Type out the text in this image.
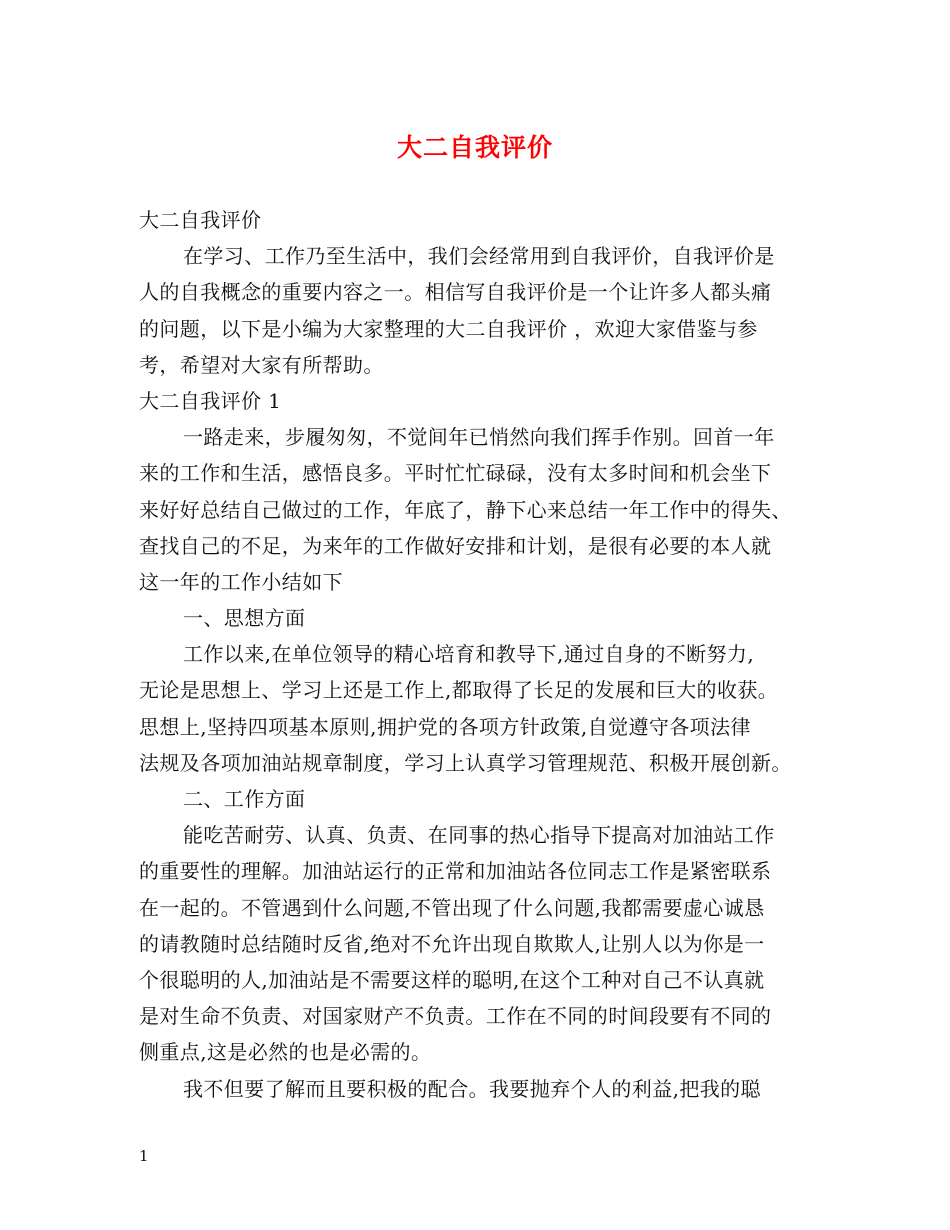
大二自我评价
大二自我评价
在学习、工作乃至生活中，我们会经常用到自我评价，自我评价是
人的自我概念的重要内容之一。相信写自我评价是一个让许多人都头痛
的问题，以下是小编为大家整理的大二自我评价 ，欢迎大家借鉴与参
考，希望对大家有所帮助。
大二自我评价 1
一路走来，步履匆匆，不觉间年已悄然向我们挥手作别。回首一年
来的工作和生活，感悟良多。平时忙忙碌碌，没有太多时间和机会坐下
来好好总结自己做过的工作，年底了，静下心来总结一年工作中的得失、
查找自己的不足，为来年的工作做好安排和计划，是很有必要的本人就
这一年的工作小结如下
一、思想方面
工作以来,在单位领导的精心培育和教导下,通过自身的不断努力,
无论是思想上、学习上还是工作上,都取得了长足的发展和巨大的收获。
思想上,坚持四项基本原则,拥护党的各项方针政策,自觉遵守各项法律
法规及各项加油站规章制度，学习上认真学习管理规范、积极开展创新。
二、工作方面
能吃苦耐劳、认真、负责、在同事的热心指导下提高对加油站工作
的重要性的理解。加油站运行的正常和加油站各位同志工作是紧密联系
在一起的。不管遇到什么问题,不管出现了什么问题,我都需要虚心诚恳
的请教随时总结随时反省,绝对不允许出现自欺欺人,让别人以为你是一
个很聪明的人,加油站是不需要这样的聪明,在这个工种对自己不认真就
是对生命不负责、对国家财产不负责。工作在不同的时间段要有不同的
侧重点,这是必然的也是必需的。
我不但要了解而且要积极的配合。我要抛弃个人的利益,把我的聪
1
